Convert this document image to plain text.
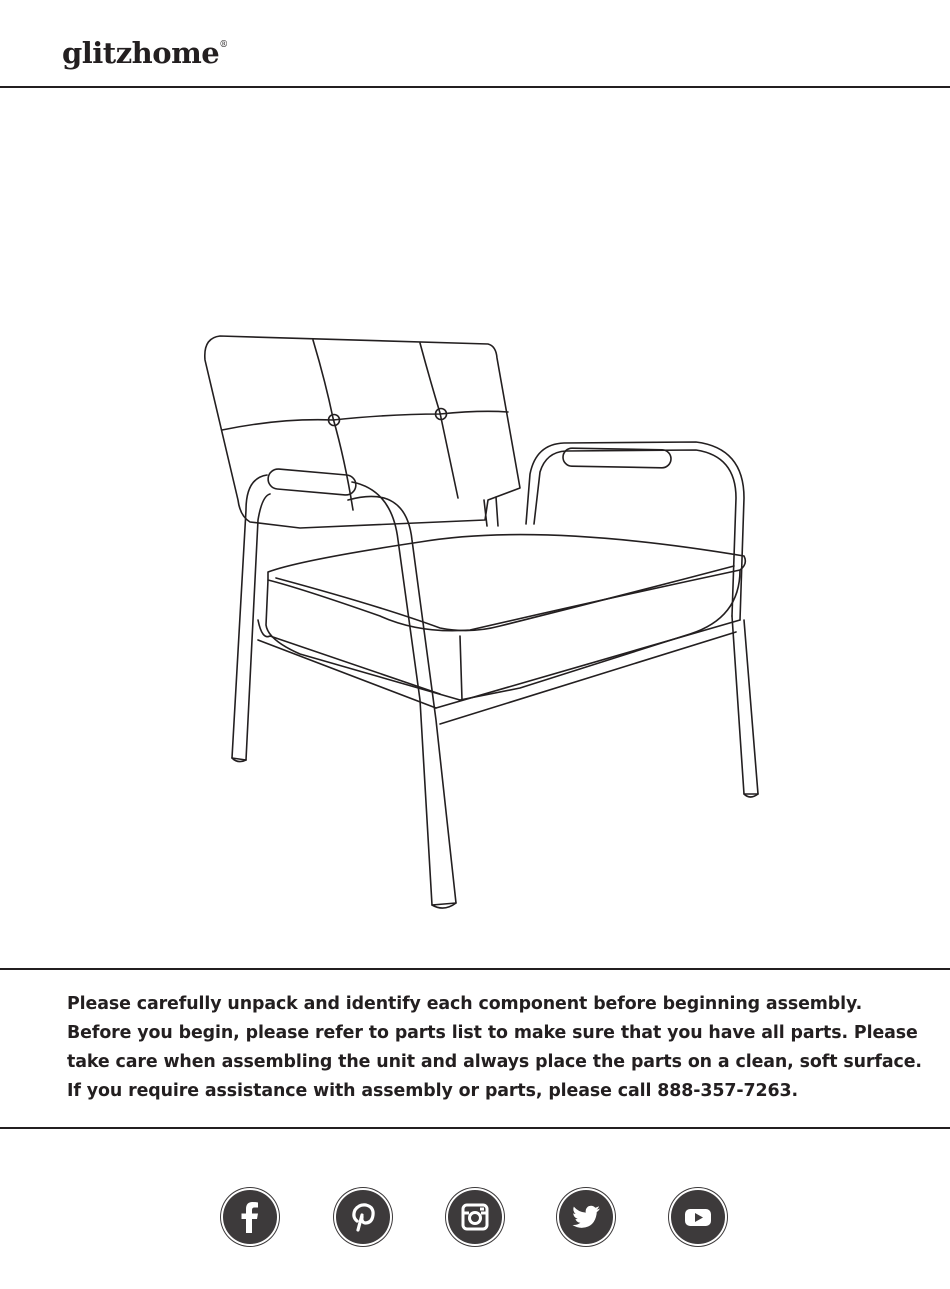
glitzhome®

Please carefully unpack and identify each component before beginning assembly.

Before you begin, please refer to parts list to make sure that you have all parts. Please

take care when assembling the unit and always place the parts on a clean, soft surface.

If you require assistance with assembly or parts, please call 888-357-7263.
